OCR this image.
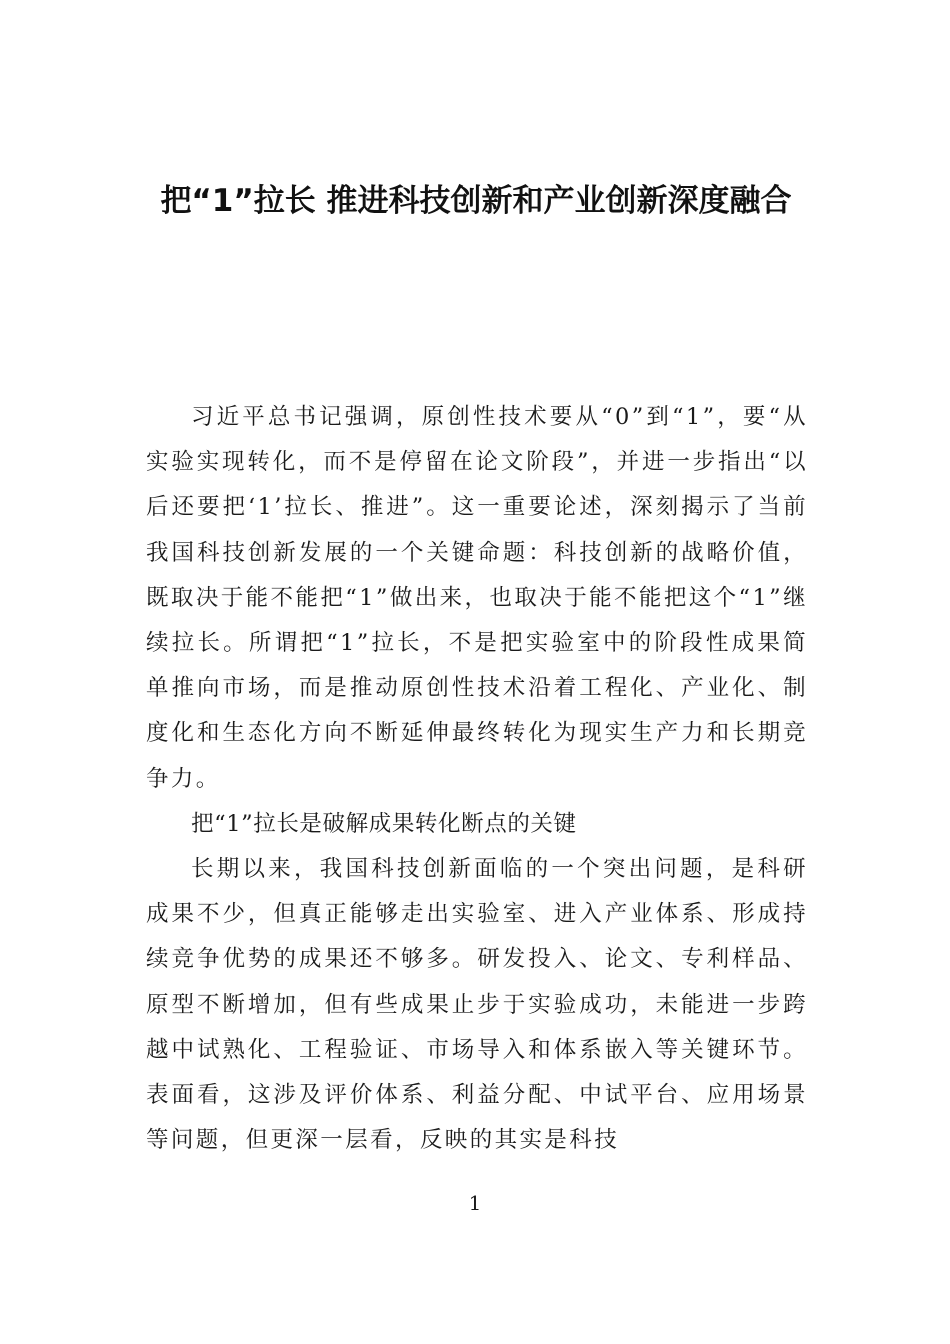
把“1”拉长 推进科技创新和产业创新深度融合

习近平总书记强调，原创性技术要从“0”到“1”，要“从实验实现转化，而不是停留在论文阶段”，并进一步指出“以后还要把‘1’拉长、推进”。这一重要论述，深刻揭示了当前我国科技创新发展的一个关键命题：科技创新的战略价值，既取决于能不能把“1”做出来，也取决于能不能把这个“1”继续拉长。所谓把“1”拉长，不是把实验室中的阶段性成果简单推向市场，而是推动原创性技术沿着工程化、产业化、制度化和生态化方向不断延伸最终转化为现实生产力和长期竞争力。

把“1”拉长是破解成果转化断点的关键

长期以来，我国科技创新面临的一个突出问题，是科研成果不少，但真正能够走出实验室、进入产业体系、形成持续竞争优势的成果还不够多。研发投入、论文、专利样品、原型不断增加，但有些成果止步于实验成功，未能进一步跨越中试熟化、工程验证、市场导入和体系嵌入等关键环节。表面看，这涉及评价体系、利益分配、中试平台、应用场景等问题，但更深一层看，反映的其实是科技

1
